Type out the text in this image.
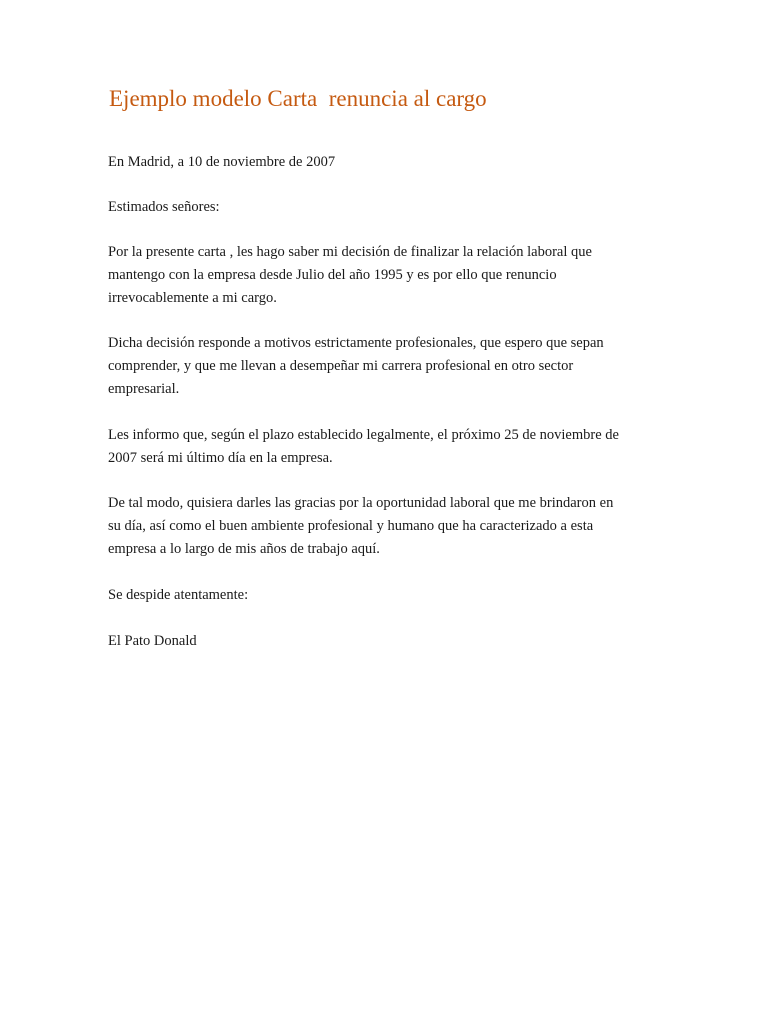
Ejemplo modelo Carta  renuncia al cargo

En Madrid, a 10 de noviembre de 2007

Estimados señores:

Por la presente carta , les hago saber mi decisión de finalizar la relación laboral que
mantengo con la empresa desde Julio del año 1995 y es por ello que renuncio
irrevocablemente a mi cargo.

Dicha decisión responde a motivos estrictamente profesionales, que espero que sepan
comprender, y que me llevan a desempeñar mi carrera profesional en otro sector
empresarial.

Les informo que, según el plazo establecido legalmente, el próximo 25 de noviembre de
2007 será mi último día en la empresa.

De tal modo, quisiera darles las gracias por la oportunidad laboral que me brindaron en
su día, así como el buen ambiente profesional y humano que ha caracterizado a esta
empresa a lo largo de mis años de trabajo aquí.

Se despide atentamente:

El Pato Donald
